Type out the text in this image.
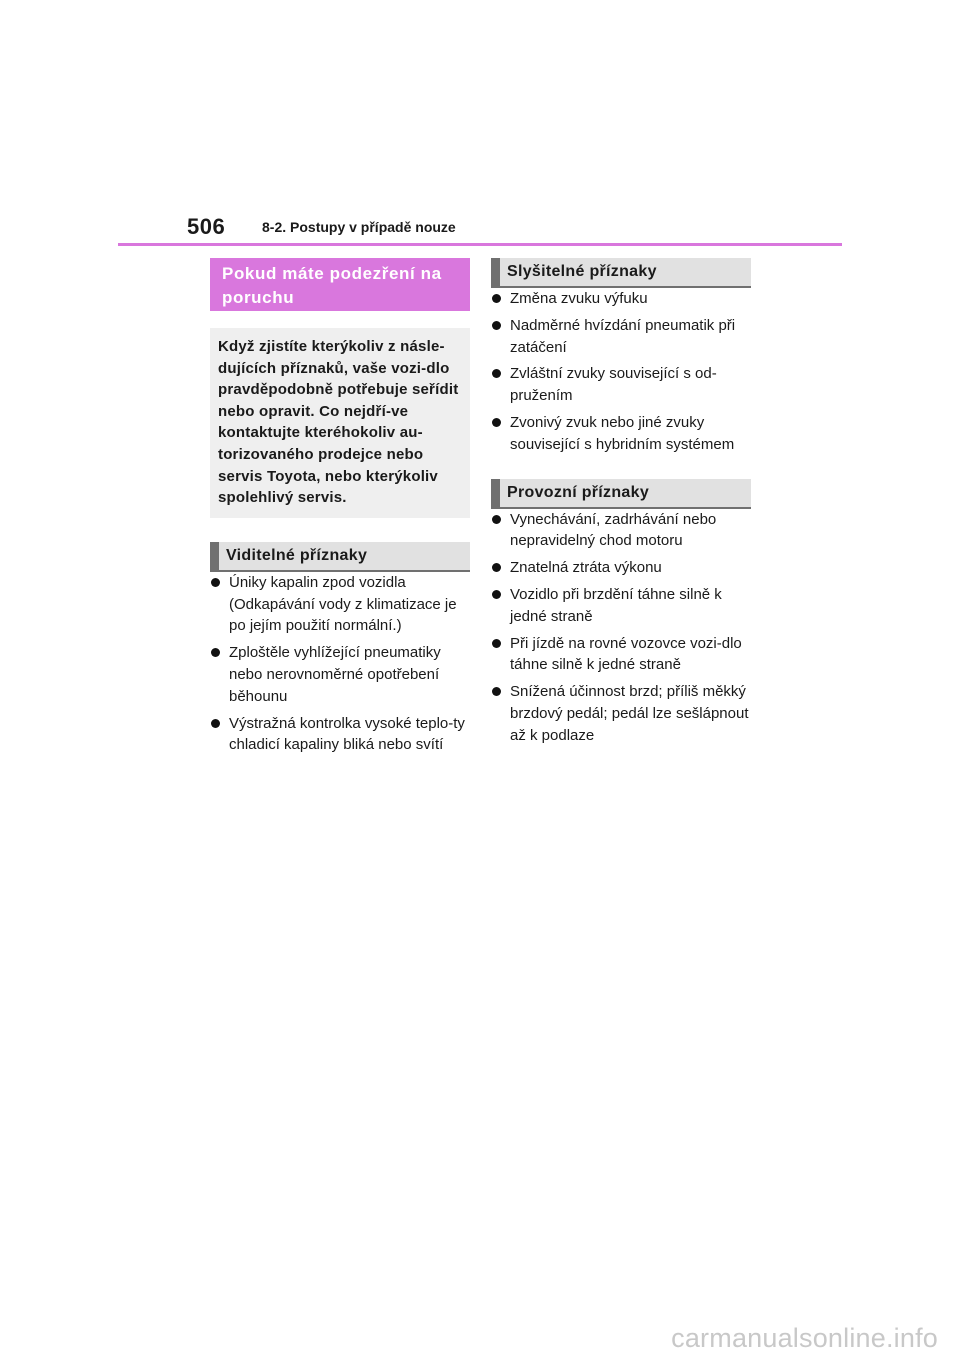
506	8-2. Postupy v případě nouze
Pokud máte podezření na poruchu
Když zjistíte kterýkoliv z násle-dujících příznaků, vaše vozi-dlo pravděpodobně potřebuje seřídit nebo opravit. Co nejdří-ve kontaktujte kteréhokoliv au-torizovaného prodejce nebo servis Toyota, nebo kterýkoliv spolehlivý servis.
Viditelné příznaky
Úniky kapalin zpod vozidla (Odkapávání vody z klimatizace je po jejím použití normální.)
Zploštěle vyhlížející pneumatiky nebo nerovnoměrné opotřebení běhounu
Výstražná kontrolka vysoké teplo-ty chladicí kapaliny bliká nebo svítí
Slyšitelné příznaky
Změna zvuku výfuku
Nadměrné hvízdání pneumatik při zatáčení
Zvláštní zvuky související s od-pružením
Zvonivý zvuk nebo jiné zvuky související s hybridním systémem
Provozní příznaky
Vynechávání, zadrhávání nebo nepravidelný chod motoru
Znatelná ztráta výkonu
Vozidlo při brzdění táhne silně k jedné straně
Při jízdě na rovné vozovce vozi-dlo táhne silně k jedné straně
Snížená účinnost brzd; příliš měkký brzdový pedál; pedál lze sešlápnout až k podlaze
carmanualsonline.info
